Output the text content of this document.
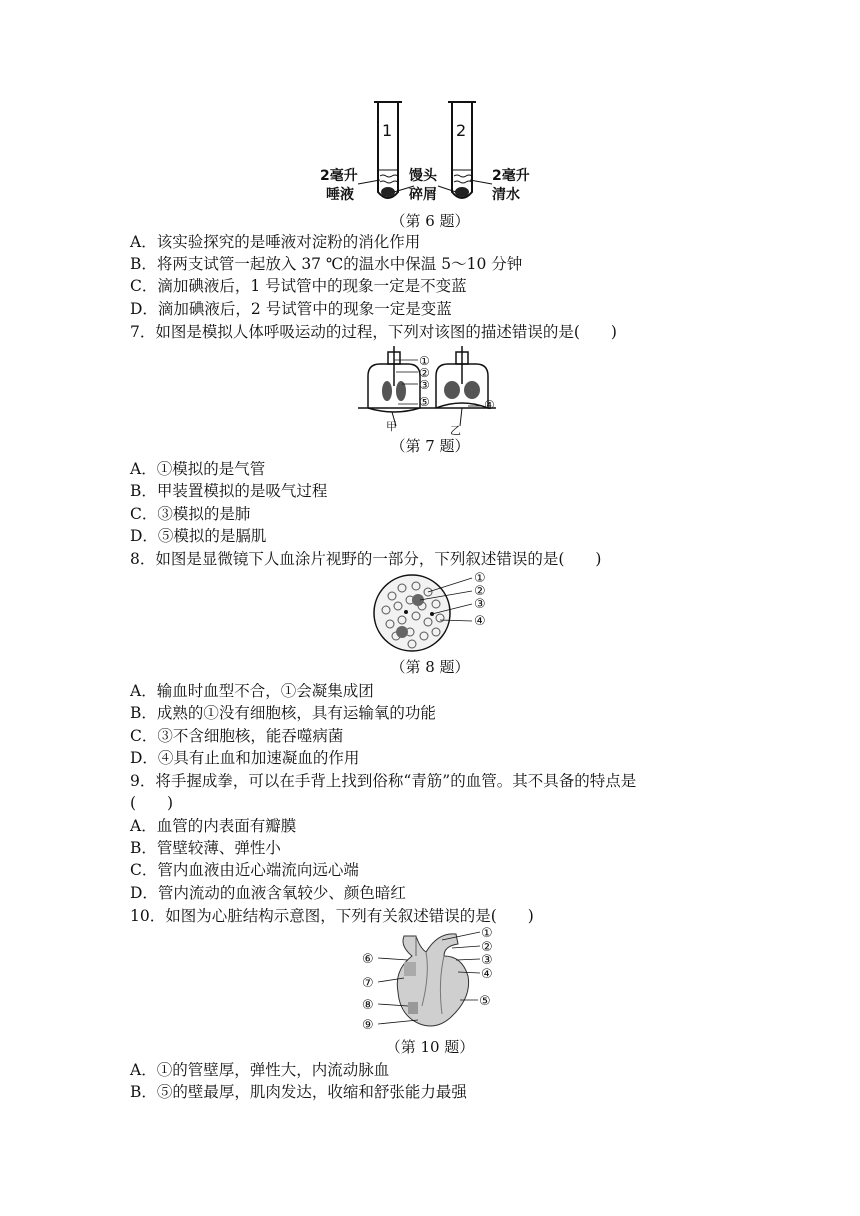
1	2
2毫升
唾液
馒头
碎屑
2毫升
清水
（第 6 题）
A．该实验探究的是唾液对淀粉的消化作用
B．将两支试管一起放入 37 ℃的温水中保温 5～10 分钟
C．滴加碘液后，1 号试管中的现象一定是不变蓝
D．滴加碘液后，2 号试管中的现象一定是变蓝
7．如图是模拟人体呼吸运动的过程，下列对该图的描述错误的是(　　)
①
②
③
⑤	④
甲	乙
（第 7 题）
A．①模拟的是气管
B．甲装置模拟的是吸气过程
C．③模拟的是肺
D．⑤模拟的是膈肌
8．如图是显微镜下人血涂片视野的一部分，下列叙述错误的是(　　)
①
②
③
④
（第 8 题）
A．输血时血型不合，①会凝集成团
B．成熟的①没有细胞核，具有运输氧的功能
C．③不含细胞核，能吞噬病菌
D．④具有止血和加速凝血的作用
9．将手握成拳，可以在手背上找到俗称“青筋”的血管。其不具备的特点是
(　　)
A．血管的内表面有瓣膜
B．管壁较薄、弹性小
C．管内血液由近心端流向远心端
D．管内流动的血液含氧较少、颜色暗红
10．如图为心脏结构示意图，下列有关叙述错误的是(　　)
①
②
③
④
⑤
⑥
⑦
⑧
⑨
（第 10 题）
A．①的管壁厚，弹性大，内流动脉血
B．⑤的壁最厚，肌肉发达，收缩和舒张能力最强
